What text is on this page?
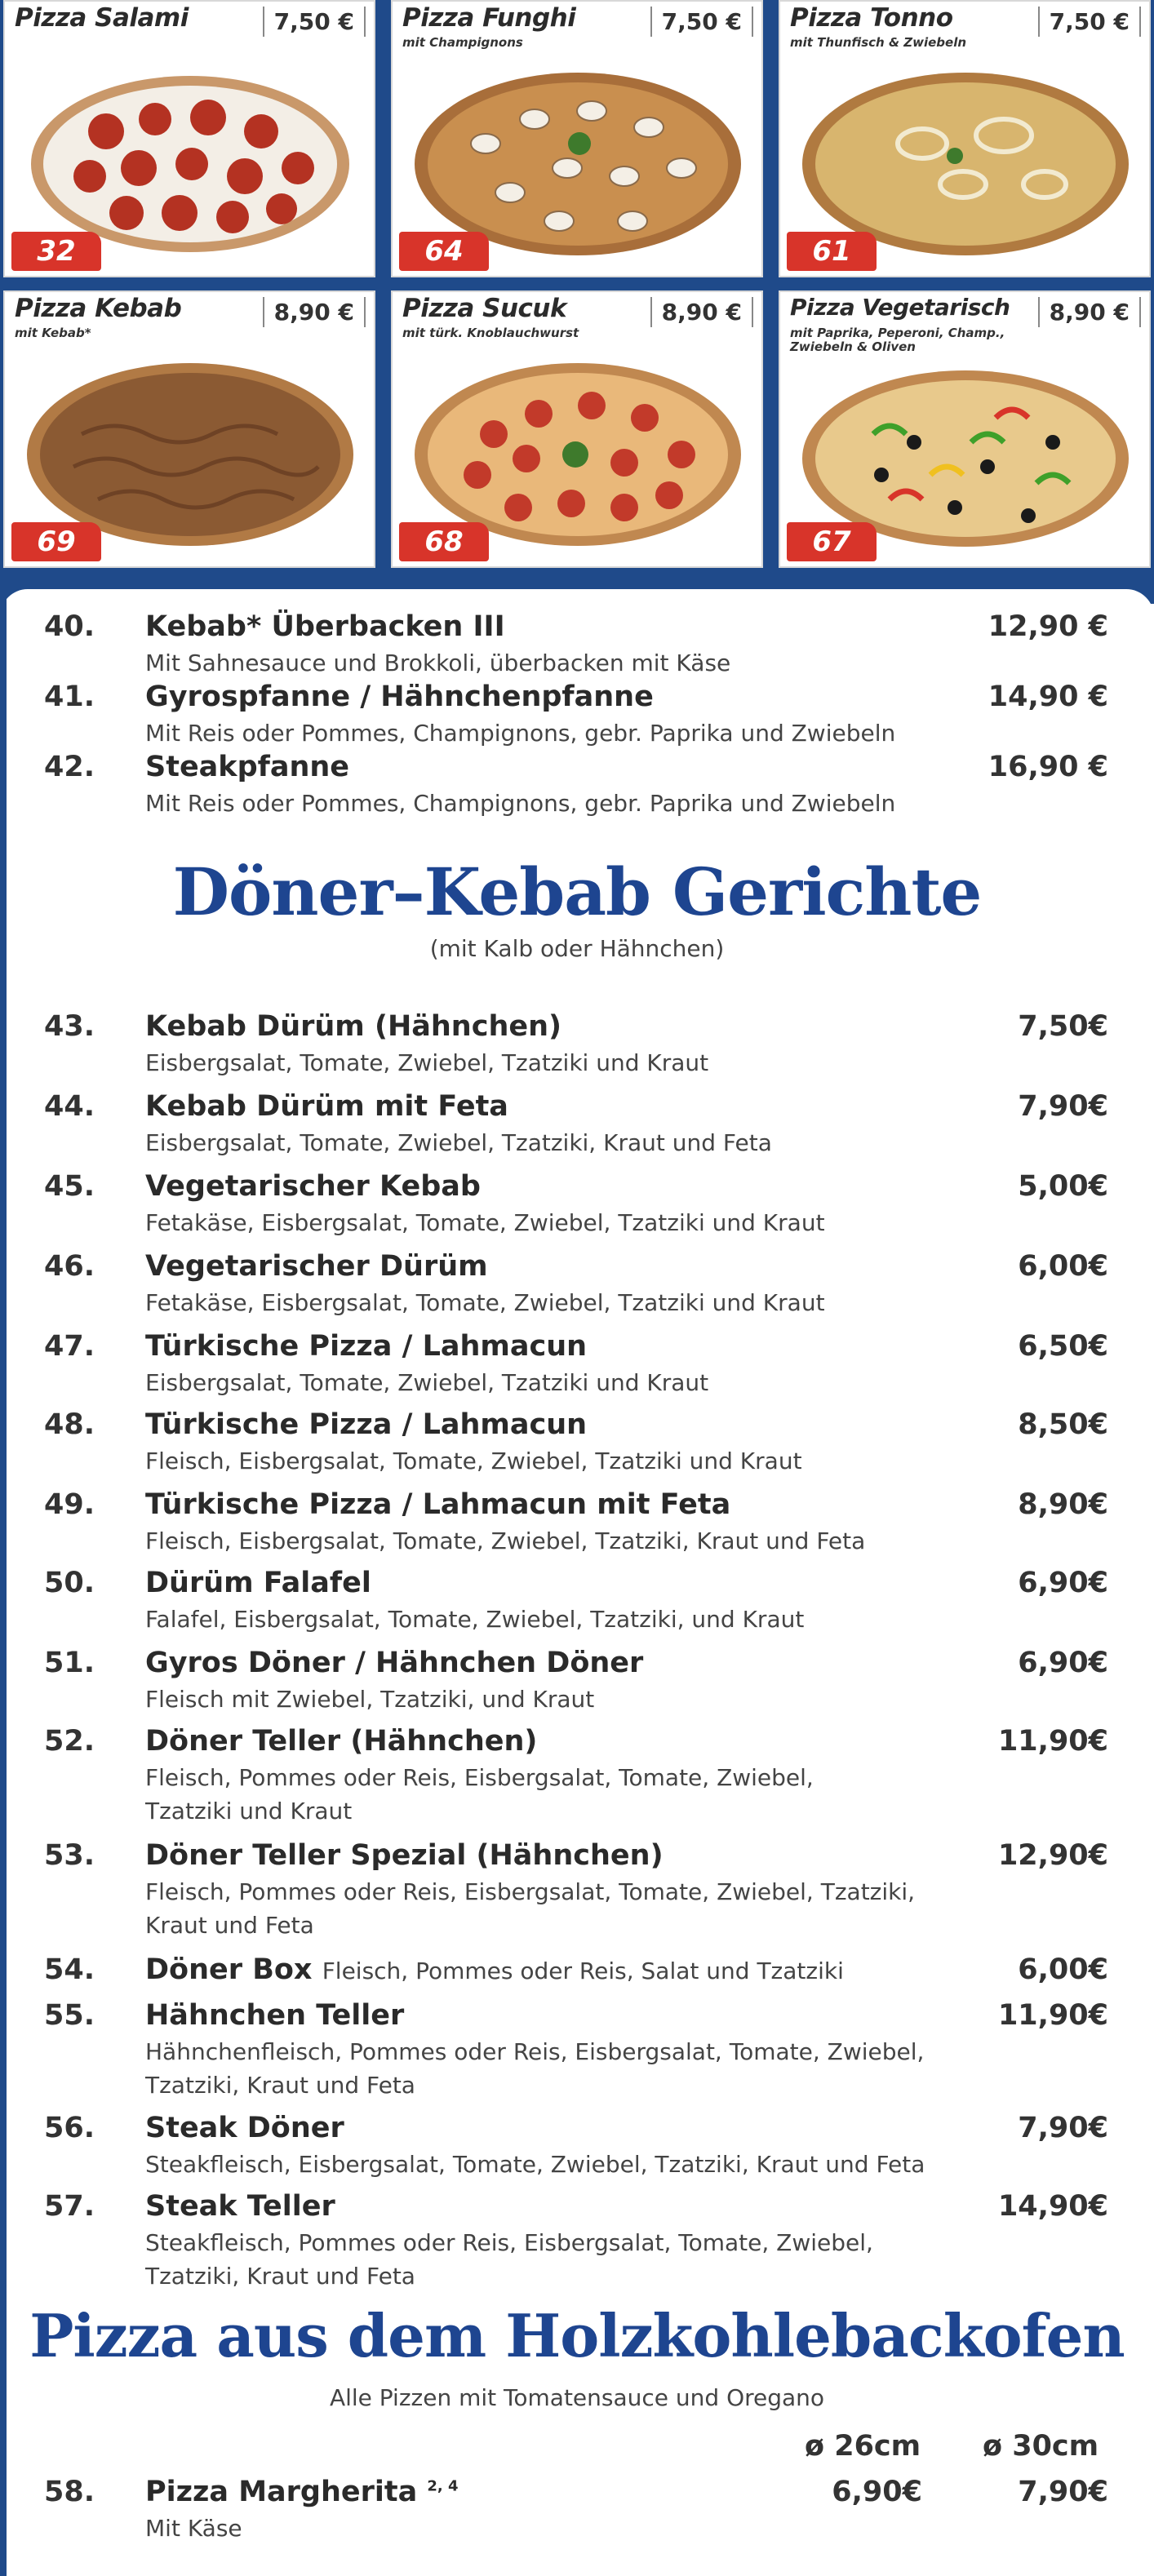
Pizza Salami	7,50 €
32
Pizza Funghi
mit Champignons
7,50 €
64
Pizza Tonno
mit Thunfisch & Zwiebeln
7,50 €
61
Pizza Kebab
mit Kebab*
8,90 €
69
Pizza Sucuk
mit türk. Knoblauchwurst
8,90 €
68
Pizza Vegetarisch
mit Paprika, Peperoni, Champ., Zwiebeln & Oliven
8,90 €
67
40. Kebab* Überbacken III	12,90 €
Mit Sahnesauce und Brokkoli, überbacken mit Käse
41. Gyrospfanne / Hähnchenpfanne	14,90 €
Mit Reis oder Pommes, Champignons, gebr. Paprika und Zwiebeln
42. Steakpfanne	16,90 €
Mit Reis oder Pommes, Champignons, gebr. Paprika und Zwiebeln
Döner–Kebab Gerichte
(mit Kalb oder Hähnchen)
43. Kebab Dürüm (Hähnchen)	7,50€
Eisbergsalat, Tomate, Zwiebel, Tzatziki und Kraut
44. Kebab Dürüm mit Feta	7,90€
Eisbergsalat, Tomate, Zwiebel, Tzatziki, Kraut und Feta
45. Vegetarischer Kebab	5,00€
Fetakäse, Eisbergsalat, Tomate, Zwiebel, Tzatziki und Kraut
46. Vegetarischer Dürüm	6,00€
Fetakäse, Eisbergsalat, Tomate, Zwiebel, Tzatziki und Kraut
47. Türkische Pizza / Lahmacun	6,50€
Eisbergsalat, Tomate, Zwiebel, Tzatziki und Kraut
48. Türkische Pizza / Lahmacun	8,50€
Fleisch, Eisbergsalat, Tomate, Zwiebel, Tzatziki und Kraut
49. Türkische Pizza / Lahmacun mit Feta	8,90€
Fleisch, Eisbergsalat, Tomate, Zwiebel, Tzatziki, Kraut und Feta
50. Dürüm Falafel	6,90€
Falafel, Eisbergsalat, Tomate, Zwiebel, Tzatziki, und Kraut
51. Gyros Döner / Hähnchen Döner	6,90€
Fleisch mit Zwiebel, Tzatziki, und Kraut
52. Döner Teller (Hähnchen)	11,90€
Fleisch, Pommes oder Reis, Eisbergsalat, Tomate, Zwiebel, Tzatziki und Kraut
53. Döner Teller Spezial (Hähnchen)	12,90€
Fleisch, Pommes oder Reis, Eisbergsalat, Tomate, Zwiebel, Tzatziki, Kraut und Feta
54. Döner Box Fleisch, Pommes oder Reis, Salat und Tzatziki	6,00€
55. Hähnchen Teller	11,90€
Hähnchenfleisch, Pommes oder Reis, Eisbergsalat, Tomate, Zwiebel, Tzatziki, Kraut und Feta
56. Steak Döner	7,90€
Steakfleisch, Eisbergsalat, Tomate, Zwiebel, Tzatziki, Kraut und Feta
57. Steak Teller	14,90€
Steakfleisch, Pommes oder Reis, Eisbergsalat, Tomate, Zwiebel, Tzatziki, Kraut und Feta
Pizza aus dem Holzkohlebackofen
Alle Pizzen mit Tomatensauce und Oregano
ø 26cm ø 30cm
58. Pizza Margherita $^{2, 4}$	6,90€	7,90€
Mit Käse
